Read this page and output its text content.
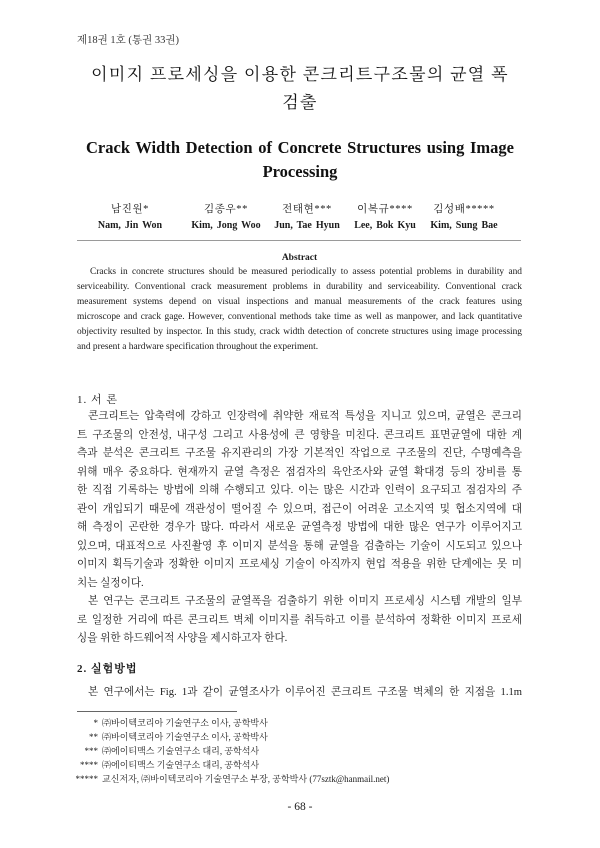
제18권 1호 (통권 33권)
이미지 프로세싱을 이용한 콘크리트구조물의 균열 폭
검출
Crack Width Detection of Concrete Structures using Image
Processing
남진원*
Nam, Jin Won
김종우**
Kim, Jong Woo
전태현***
Jun, Tae Hyun
이복규****
Lee, Bok Kyu
김성배*****
Kim, Sung Bae
Abstract
Cracks in concrete structures should be measured periodically to assess potential problems in durability and
serviceability. Conventional crack measurement problems in durability and serviceability. Conventional crack
measurement systems depend on visual inspections and manual measurements of the crack features using
microscope and crack gage. However, conventional methods take time as well as manpower, and lack quantitative
objectivity resulted by inspector. In this study, crack width detection of concrete structures using image processing
and present a hardware specification throughout the experiment.
1. 서 론
콘크리트는 압축력에 강하고 인장력에 취약한 재료적 특성을 지니고 있으며, 균열은 콘크리
트 구조물의 안전성, 내구성 그리고 사용성에 큰 영향을 미친다. 콘크리트 표면균열에 대한 계
측과 분석은 콘크리트 구조물 유지관리의 가장 기본적인 작업으로 구조물의 진단, 수명예측을
위해 매우 중요하다. 현재까지 균열 측정은 점검자의 육안조사와 균열 확대경 등의 장비를 통
한 직접 기록하는 방법에 의해 수행되고 있다. 이는 많은 시간과 인력이 요구되고 점검자의 주
관이 개입되기 때문에 객관성이 떨어질 수 있으며, 접근이 어려운 고소지역 및 협소지역에 대
해 측정이 곤란한 경우가 많다. 따라서 새로운 균열측정 방법에 대한 많은 연구가 이루어지고
있으며, 대표적으로 사진촬영 후 이미지 분석을 통해 균열을 검출하는 기술이 시도되고 있으나
이미지 획득기술과 정확한 이미지 프로세싱 기술이 아직까지 현업 적용을 위한 단계에는 못 미
치는 실정이다.
본 연구는 콘크리트 구조물의 균열폭을 검출하기 위한 이미지 프로세싱 시스템 개발의 일부
로 일정한 거리에 따른 콘크리트 벽체 이미지를 취득하고 이를 분석하여 정확한 이미지 프로세
싱을 위한 하드웨어적 사양을 제시하고자 한다.
2. 실험방법
본 연구에서는 Fig. 1과 같이 균열조사가 이루어진 콘크리트 구조물 벽체의 한 지점을 1.1m
* ㈜바이텍코리아 기술연구소 이사, 공학박사
** ㈜바이텍코리아 기술연구소 이사, 공학박사
*** ㈜에이티맥스 기술연구소 대리, 공학석사
**** ㈜에이티맥스 기술연구소 대리, 공학석사
***** 교신저자, ㈜바이텍코리아 기술연구소 부장, 공학박사 (77sztk@hanmail.net)
- 68 -
